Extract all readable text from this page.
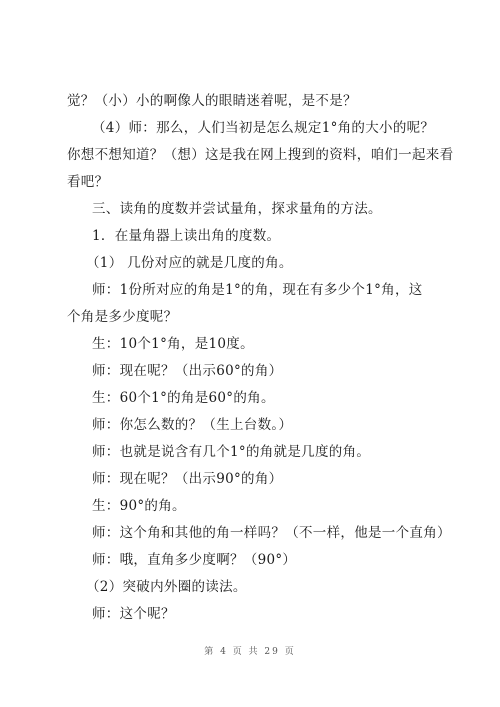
觉？（小）小的啊像人的眼睛迷着呢，是不是？
（4）师：那么，人们当初是怎么规定1°角的大小的呢？
你想不想知道？（想）这是我在网上搜到的资料，咱们一起来看
看吧？
三、读角的度数并尝试量角，探求量角的方法。
1．在量角器上读出角的度数。
（1） 几份对应的就是几度的角。
师：1份所对应的角是1°的角，现在有多少个1°角，这
个角是多少度呢？
生：10个1°角，是10度。
师：现在呢？（出示60°的角）
生：60个1°的角是60°的角。
师：你怎么数的？（生上台数。）
师：也就是说含有几个1°的角就是几度的角。
师：现在呢？（出示90°的角）
生：90°的角。
师：这个角和其他的角一样吗？（不一样，他是一个直角）
师：哦，直角多少度啊？（90°）
（2）突破内外圈的读法。
师：这个呢？
第 4 页 共 29 页
